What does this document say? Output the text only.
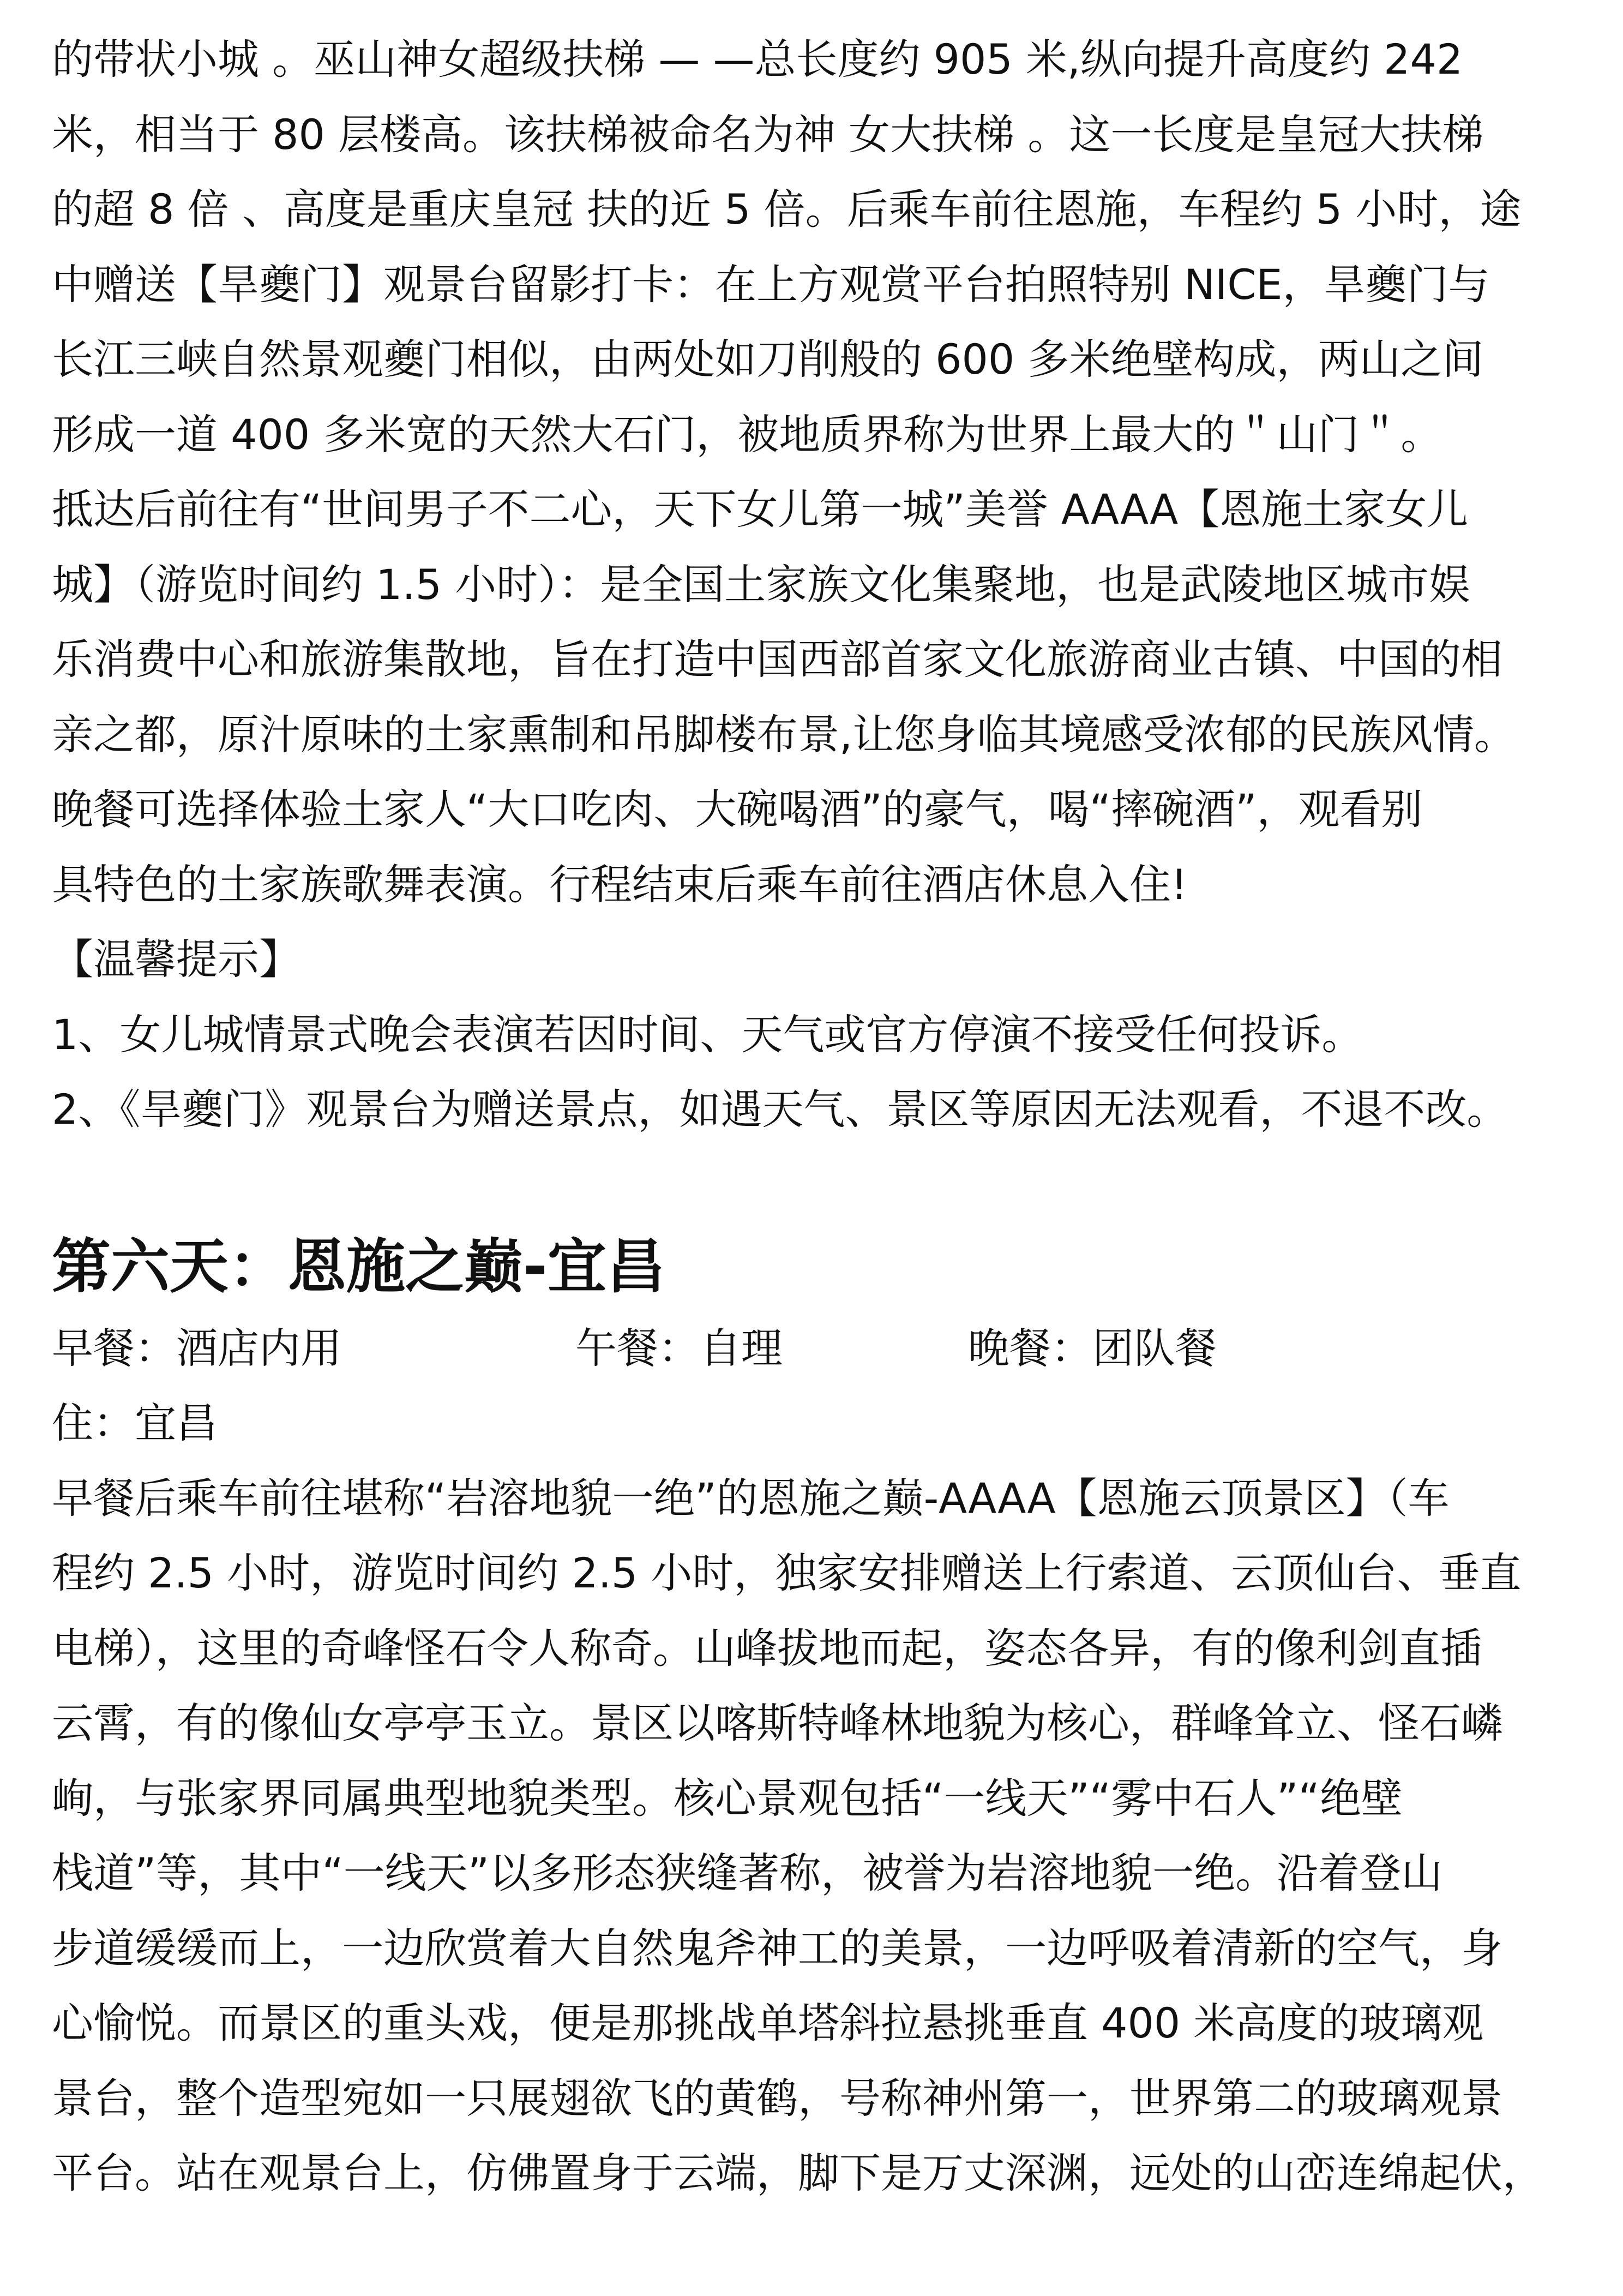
的带状小城 。巫山神女超级扶梯 — —总长度约 905 米,纵向提升高度约 242
米，相当于 80 层楼高。该扶梯被命名为神 女大扶梯 。这一长度是皇冠大扶梯
的超 8 倍 、高度是重庆皇冠 扶的近 5 倍。后乘车前往恩施，车程约 5 小时，途
中赠送【旱夔门】观景台留影打卡：在上方观赏平台拍照特别 NICE，旱夔门与
长江三峡自然景观夔门相似，由两处如刀削般的 600 多米绝壁构成，两山之间
形成一道 400 多米宽的天然大石门，被地质界称为世界上最大的＂山门＂。
抵达后前往有“世间男子不二心，天下女儿第一城”美誉 AAAA【恩施土家女儿
城】（游览时间约 1.5 小时）：是全国土家族文化集聚地，也是武陵地区城市娱
乐消费中心和旅游集散地，旨在打造中国西部首家文化旅游商业古镇、中国的相
亲之都，原汁原味的土家熏制和吊脚楼布景,让您身临其境感受浓郁的民族风情。
晚餐可选择体验土家人“大口吃肉、大碗喝酒”的豪气，喝“摔碗酒”，观看别
具特色的土家族歌舞表演。行程结束后乘车前往酒店休息入住!
【温馨提示】
1、女儿城情景式晚会表演若因时间、天气或官方停演不接受任何投诉。
2、《旱夔门》观景台为赠送景点，如遇天气、景区等原因无法观看，不退不改。
第六天：恩施之巅-宜昌
早餐：酒店内用	午餐：自理	晚餐：团队餐
住：宜昌
早餐后乘车前往堪称“岩溶地貌一绝”的恩施之巅-AAAA【恩施云顶景区】（车
程约 2.5 小时，游览时间约 2.5 小时，独家安排赠送上行索道、云顶仙台、垂直
电梯），这里的奇峰怪石令人称奇。山峰拔地而起，姿态各异，有的像利剑直插
云霄，有的像仙女亭亭玉立。景区以喀斯特峰林地貌为核心，群峰耸立、怪石嶙
峋，与张家界同属典型地貌类型。核心景观包括“一线天”“雾中石人”“绝壁
栈道”等，其中“一线天”以多形态狭缝著称，被誉为岩溶地貌一绝。沿着登山
步道缓缓而上，一边欣赏着大自然鬼斧神工的美景，一边呼吸着清新的空气，身
心愉悦。而景区的重头戏，便是那挑战单塔斜拉悬挑垂直 400 米高度的玻璃观
景台，整个造型宛如一只展翅欲飞的黄鹤，号称神州第一，世界第二的玻璃观景
平台。站在观景台上，仿佛置身于云端，脚下是万丈深渊，远处的山峦连绵起伏，
